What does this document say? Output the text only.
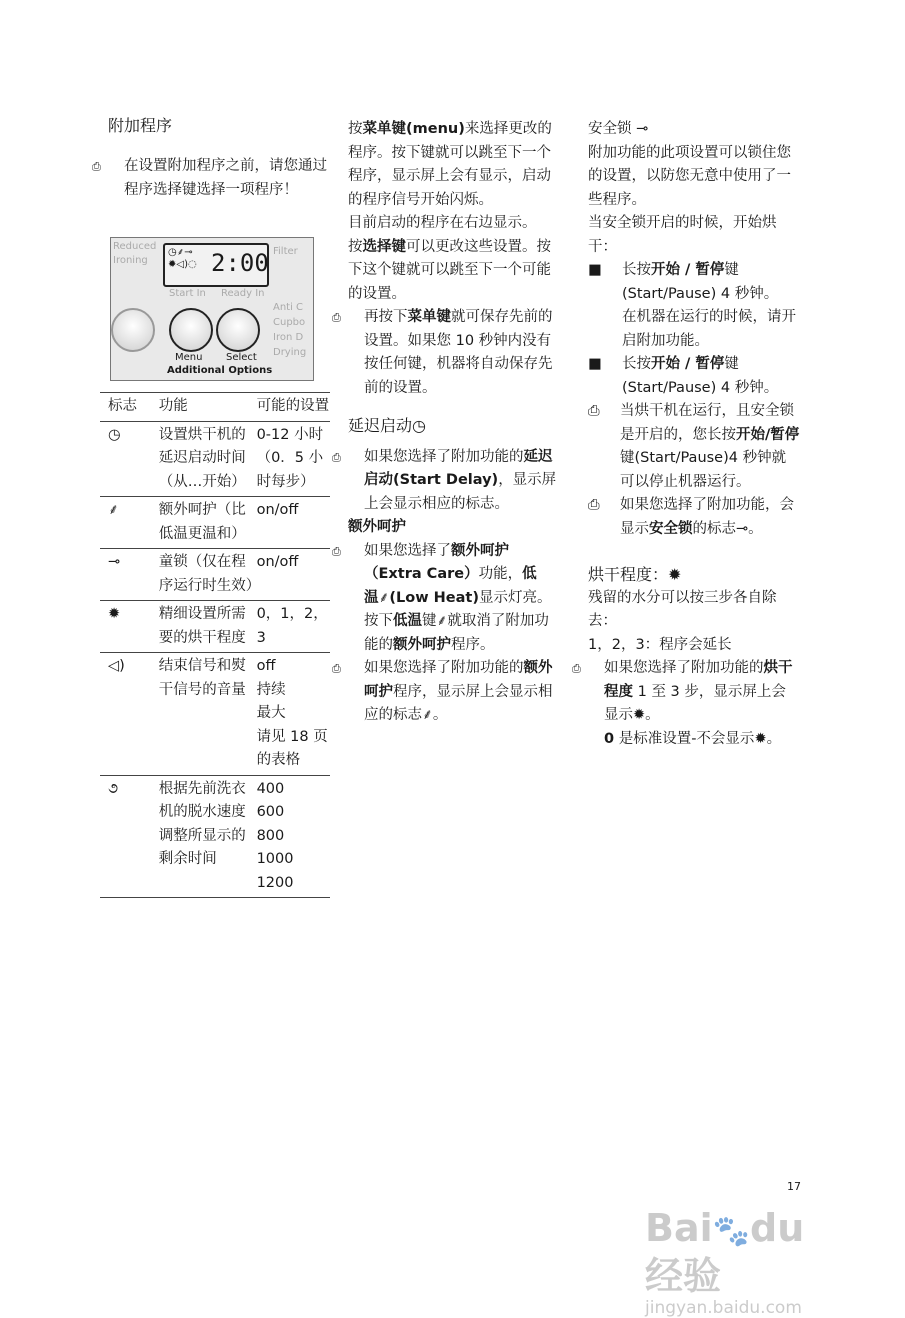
附加程序
⎙ 在设置附加程序之前，请您通过程序选择键选择一项程序！
Reduced Ironing
◷⸙⊸
✹◁)◌ 2:00
Start In Ready In
Filter
Anti C
Cupbo
Iron D
Drying
Menu Select
Additional Options
标志	功能	可能的设置
◷	设置烘干机的延迟启动时间（从…开始）	0-12 小时
（0．5 小时每步）

⸙	额外呵护（比低温更温和）	on/off
⊸	童锁（仅在程序运行时生效）	on/off
✹	精细设置所需要的烘干程度	0，1，2，3
◁)	结束信号和熨干信号的音量	off
持续
最大
请见 18 页的表格

૭	根据先前洗衣机的脱水速度调整所显示的剩余时间	400
600
800
1000
1200

按菜单键(menu)来选择更改的程序。按下键就可以跳至下一个程序，显示屏上会有显示，启动的程序信号开始闪烁。

目前启动的程序在右边显示。

按选择键可以更改这些设置。按下这个键就可以跳至下一个可能的设置。

⎙ 再按下菜单键就可保存先前的设置。如果您 10 秒钟内没有按任何键，机器将自动保存先前的设置。

延迟启动◷

⎙ 如果您选择了附加功能的延迟启动(Start Delay)，显示屏上会显示相应的标志。

额外呵护

⎙ 如果您选择了额外呵护（Extra Care）功能，低温⸙(Low Heat)显示灯亮。按下低温键⸙就取消了附加功能的额外呵护程序。

⎙ 如果您选择了附加功能的额外呵护程序，显示屏上会显示相应的标志⸙。

安全锁 ⊸

附加功能的此项设置可以锁住您的设置，以防您无意中使用了一些程序。

当安全锁开启的时候，开始烘干：

■ 长按开始 / 暂停键 (Start/Pause) 4 秒钟。
在机器在运行的时候，请开启附加功能。

■ 长按开始 / 暂停键 (Start/Pause) 4 秒钟。

⎙ 当烘干机在运行，且安全锁是开启的，您长按开始/暂停键(Start/Pause)4 秒钟就可以停止机器运行。

⎙ 如果您选择了附加功能，会显示安全锁的标志⊸。

烘干程度：✹

残留的水分可以按三步各自除去：

1，2，3：程序会延长

⎙ 如果您选择了附加功能的烘干程度 1 至 3 步，显示屏上会显示✹。

0 是标准设置-不会显示✹。

17
Bai🐾du 经验
jingyan.baidu.com
